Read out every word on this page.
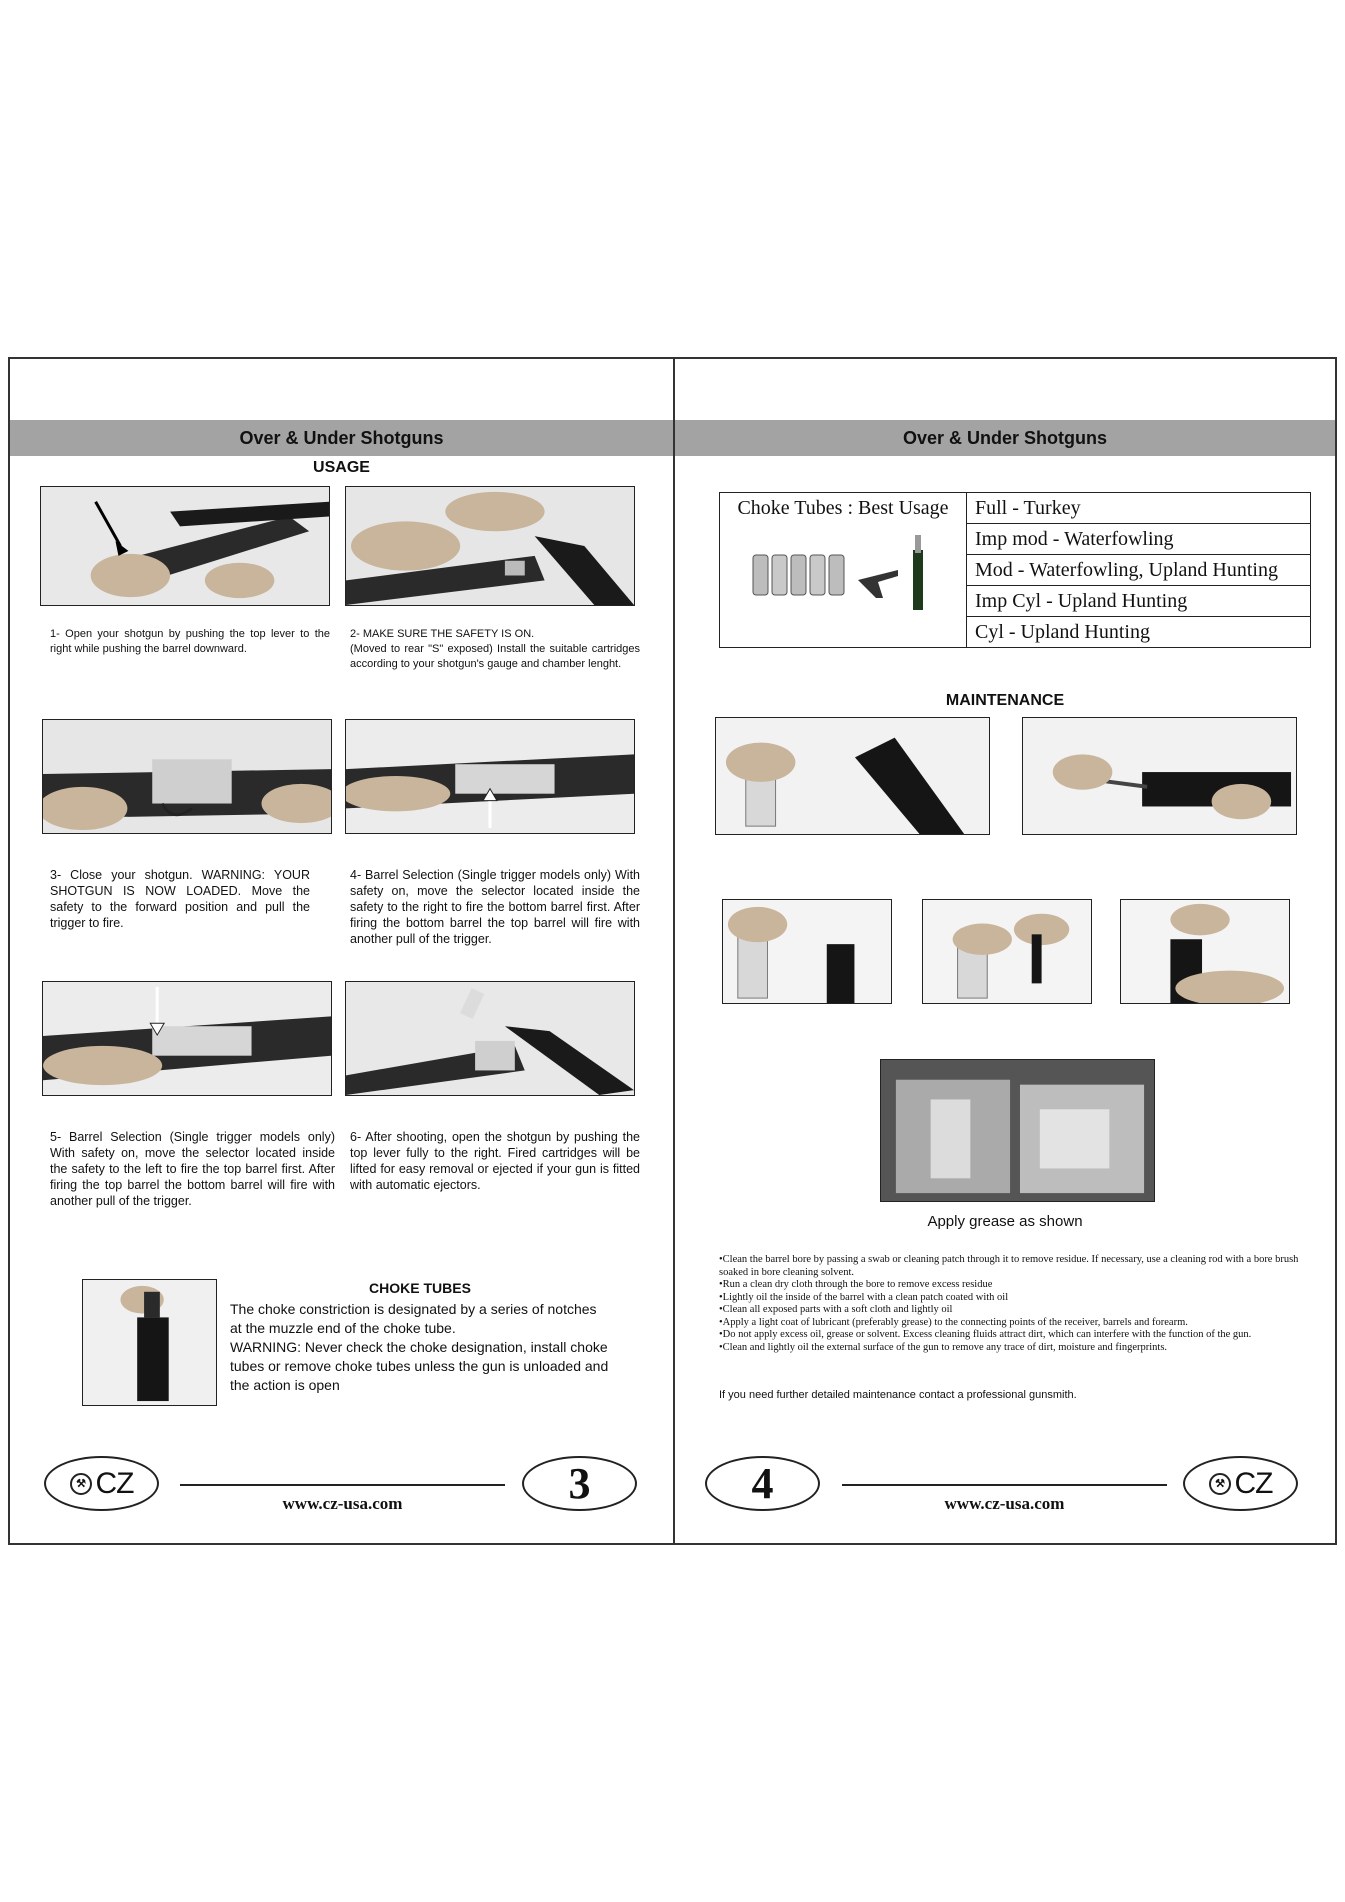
Over & Under Shotguns
USAGE
1- Open your shotgun by pushing the top lever to the right while pushing the barrel downward.
2- MAKE SURE THE SAFETY IS ON.
(Moved to rear "S" exposed) Install the suitable cartridges according to your shotgun's gauge and chamber lenght.
3- Close your shotgun. WARNING: YOUR SHOTGUN IS NOW LOADED. Move the safety to the forward position and pull the trigger to fire.
4- Barrel Selection (Single trigger models only) With safety on, move the selector located inside the safety to the right to fire the bottom barrel first. After firing the bottom barrel the top barrel will fire with another pull of the trigger.
5- Barrel Selection (Single trigger models only) With safety on, move the selector located inside the safety to the left to fire the top barrel first. After firing the top barrel the bottom barrel will fire with another pull of the trigger.
6- After shooting, open the shotgun by pushing the top lever fully to the right. Fired cartridges will be lifted for easy removal or ejected if your gun is fitted with automatic ejectors.
CHOKE TUBES
The choke constriction is designated by a series of notches at the muzzle end of the choke tube.
WARNING: Never check the choke designation, install choke tubes or remove choke tubes unless the gun is unloaded and the action is open
⚒ CZ
www.cz-usa.com	3
Over & Under Shotguns
Choke Tubes : Best Usage	Full - Turkey
Imp mod - Waterfowling
Mod - Waterfowling, Upland Hunting
Imp Cyl - Upland Hunting
Cyl - Upland Hunting
MAINTENANCE
Apply grease as shown

•Clean the barrel bore by passing a swab or cleaning patch through it to remove residue. If necessary, use a cleaning rod with a bore brush soaked in bore cleaning solvent.

•Run a clean dry cloth through the bore to remove excess residue

•Lightly oil the inside of the barrel with a clean patch coated with oil

•Clean all exposed parts with a soft cloth and lightly oil

•Apply a light coat of lubricant (preferably grease) to the connecting points of the receiver, barrels and forearm.

•Do not apply excess oil, grease or solvent. Excess cleaning fluids attract dirt, which can interfere with the function of the gun.

•Clean and lightly oil the external surface of the gun to remove any trace of dirt, moisture and fingerprints.

If you need further detailed maintenance contact a professional gunsmith.
4	www.cz-usa.com
⚒ CZ
